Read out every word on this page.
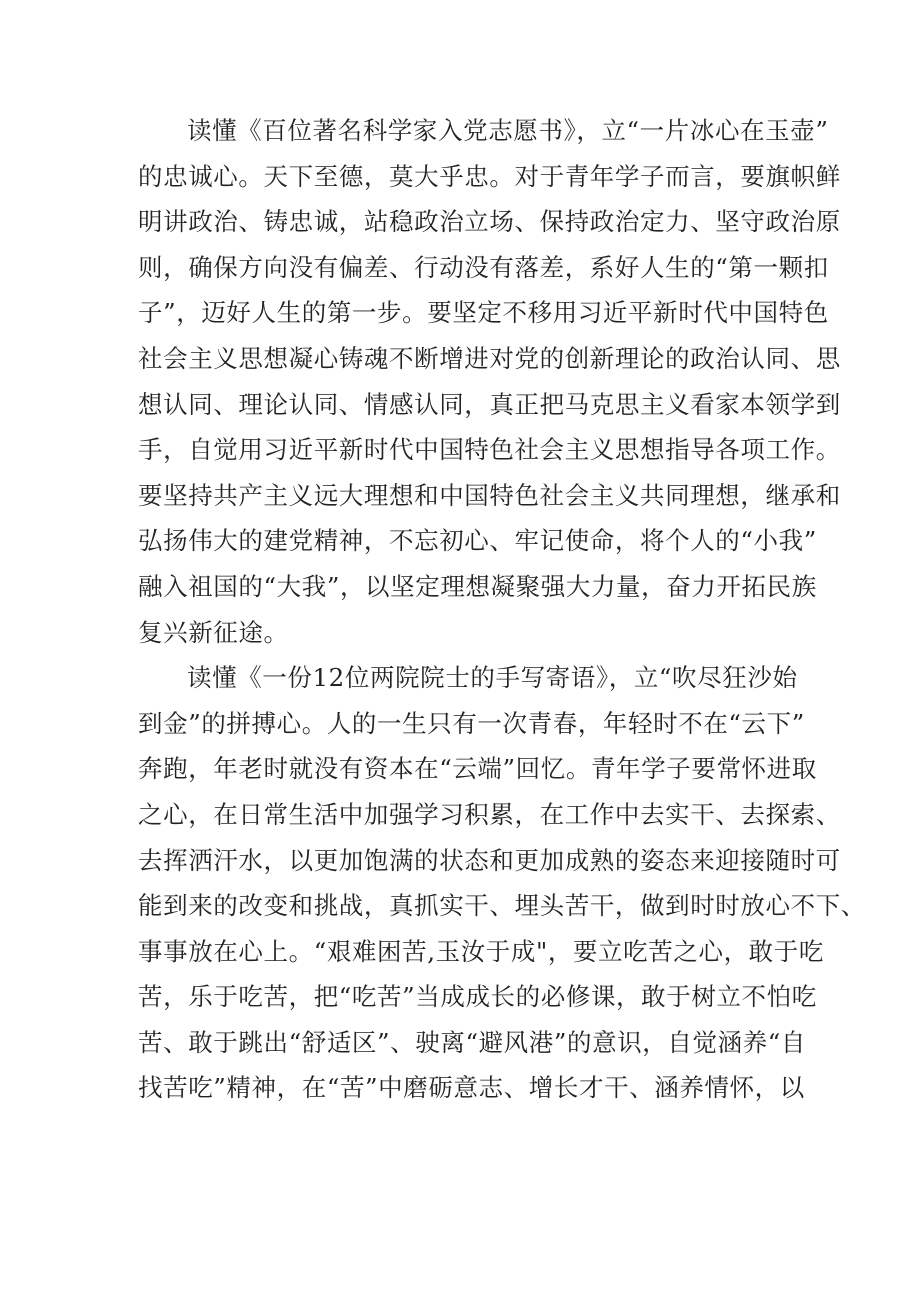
读懂《百位著名科学家入党志愿书》，立“一片冰心在玉壶”
的忠诚心。天下至德，莫大乎忠。对于青年学子而言，要旗帜鲜
明讲政治、铸忠诚，站稳政治立场、保持政治定力、坚守政治原
则，确保方向没有偏差、行动没有落差，系好人生的“第一颗扣
子”，迈好人生的第一步。要坚定不移用习近平新时代中国特色
社会主义思想凝心铸魂不断增进对党的创新理论的政治认同、思
想认同、理论认同、情感认同，真正把马克思主义看家本领学到
手，自觉用习近平新时代中国特色社会主义思想指导各项工作。
要坚持共产主义远大理想和中国特色社会主义共同理想，继承和
弘扬伟大的建党精神，不忘初心、牢记使命，将个人的“小我”
融入祖国的“大我”，以坚定理想凝聚强大力量，奋力开拓民族
复兴新征途。
读懂《一份12位两院院士的手写寄语》，立“吹尽狂沙始
到金”的拼搏心。人的一生只有一次青春，年轻时不在“云下”
奔跑，年老时就没有资本在“云端”回忆。青年学子要常怀进取
之心，在日常生活中加强学习积累，在工作中去实干、去探索、
去挥洒汗水，以更加饱满的状态和更加成熟的姿态来迎接随时可
能到来的改变和挑战，真抓实干、埋头苦干，做到时时放心不下、
事事放在心上。“艰难困苦,玉汝于成"，要立吃苦之心，敢于吃
苦，乐于吃苦，把“吃苦”当成成长的必修课，敢于树立不怕吃
苦、敢于跳出“舒适区”、驶离“避风港”的意识，自觉涵养“自
找苦吃”精神，在“苦”中磨砺意志、增长才干、涵养情怀，以
